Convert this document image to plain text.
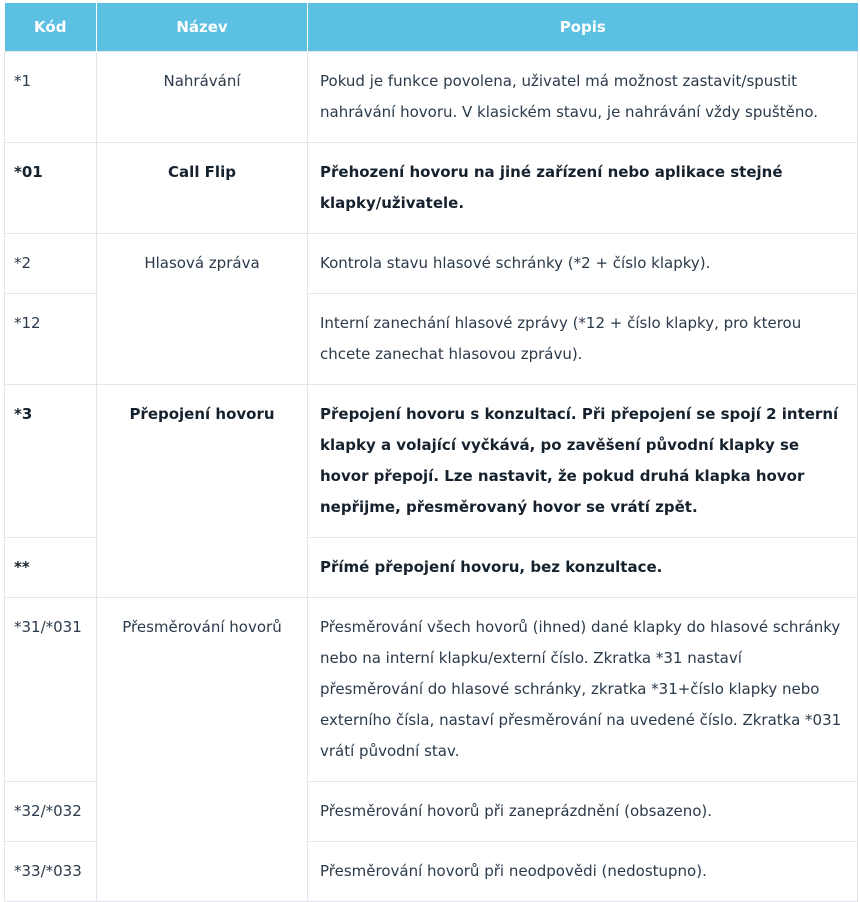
Kód	Název	Popis

*1	Nahrávání	Pokud je funkce povolena, uživatel má možnost zastavit/spustit nahrávání hovoru. V klasickém stavu, je nahrávání vždy spuštěno.

*01	Call Flip	Přehození hovoru na jiné zařízení nebo aplikace stejné klapky/uživatele.

*2	Hlasová zpráva	Kontrola stavu hlasové schránky (*2 + číslo klapky).

*12		Interní zanechání hlasové zprávy (*12 + číslo klapky, pro kterou chcete zanechat hlasovou zprávu).

*3	Přepojení hovoru	Přepojení hovoru s konzultací. Při přepojení se spojí 2 interní klapky a volající vyčkává, po zavěšení původní klapky se hovor přepojí. Lze nastavit, že pokud druhá klapka hovor nepřijme, přesměrovaný hovor se vrátí zpět.

**		Přímé přepojení hovoru, bez konzultace.

*31/*031	Přesměrování hovorů	Přesměrování všech hovorů (ihned) dané klapky do hlasové schránky nebo na interní klapku/externí číslo. Zkratka *31 nastaví přesměrování do hlasové schránky, zkratka *31+číslo klapky nebo externího čísla, nastaví přesměrování na uvedené číslo. Zkratka *031 vrátí původní stav.

*32/*032		Přesměrování hovorů při zaneprázdnění (obsazeno).

*33/*033		Přesměrování hovorů při neodpovědi (nedostupno).
